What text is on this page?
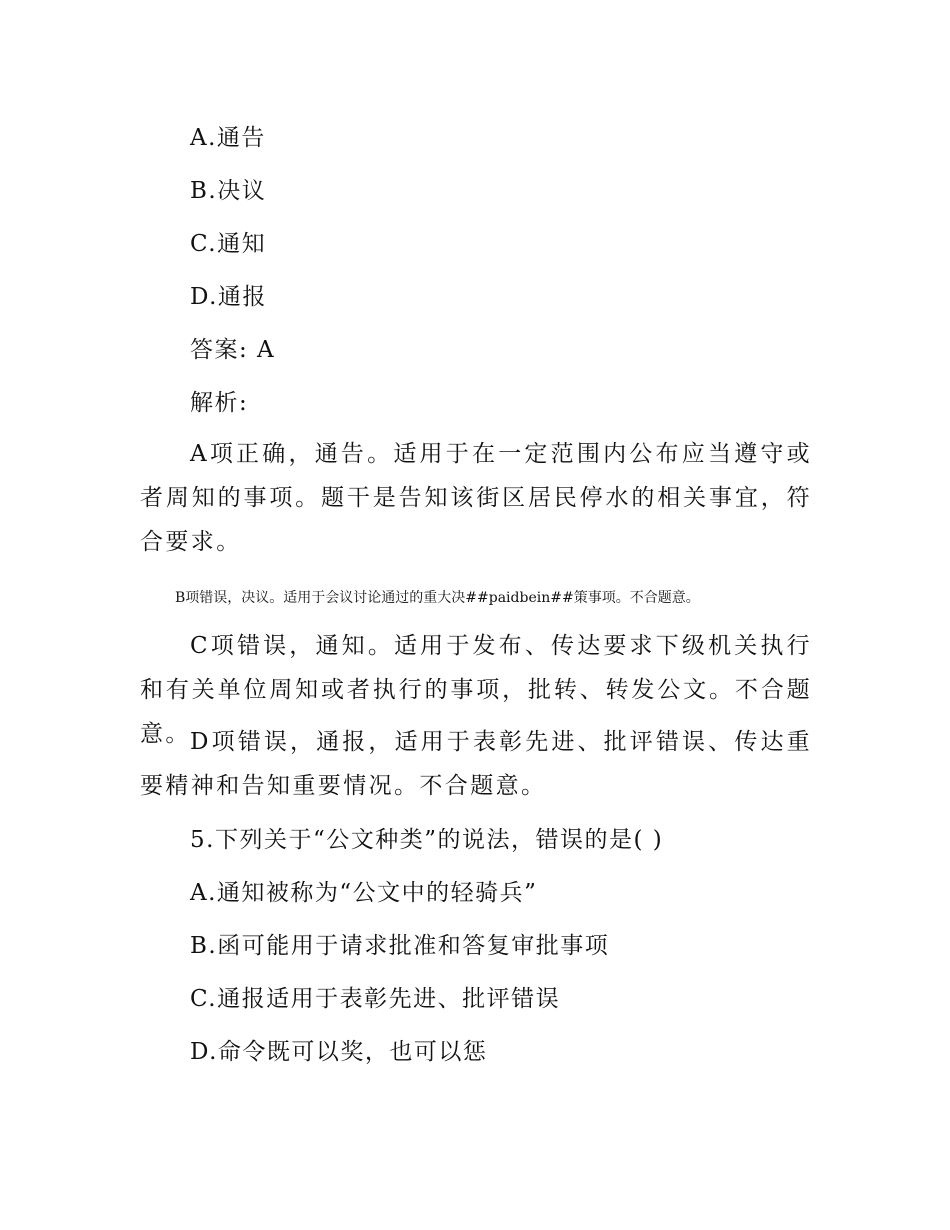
A.通告
B.决议
C.通知
D.通报
答案: A
解析:
A项正确，通告。适用于在一定范围内公布应当遵守或者周知的事项。题干是告知该街区居民停水的相关事宜，符合要求。
B项错误，决议。适用于会议讨论通过的重大决##paidbein##策事项。不合题意。
C项错误，通知。适用于发布、传达要求下级机关执行和有关单位周知或者执行的事项，批转、转发公文。不合题意。 D项错误，通报，适用于表彰先进、批评错误、传达重要精神和告知重要情况。不合题意。
5.下列关于“公文种类”的说法，错误的是( )
A.通知被称为“公文中的轻骑兵”
B.函可能用于请求批准和答复审批事项
C.通报适用于表彰先进、批评错误
D.命令既可以奖，也可以惩
